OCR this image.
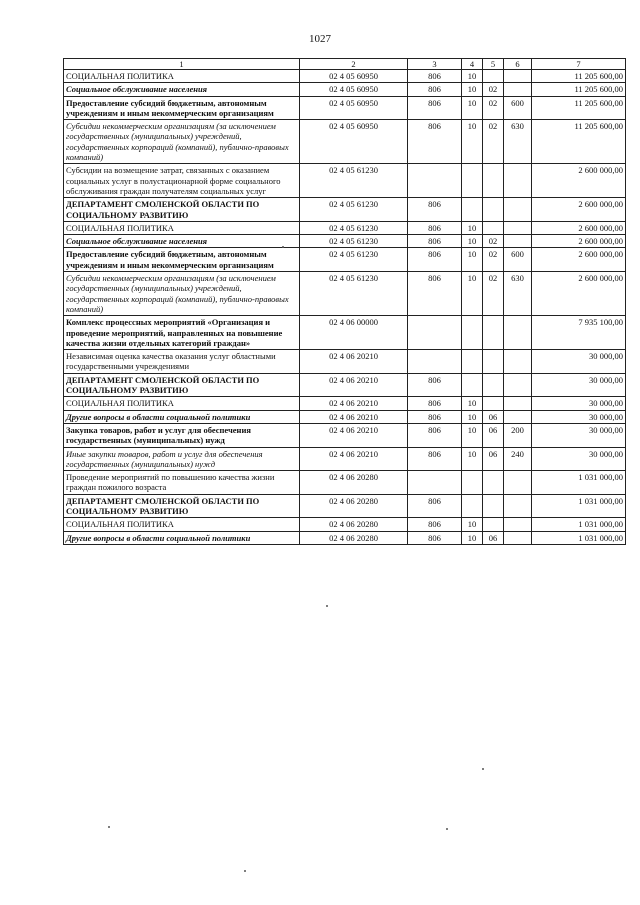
1027
1	2	3	4	5	6	7
СОЦИАЛЬНАЯ ПОЛИТИКА	02 4 05 60950	806	10			11 205 600,00
Социальное обслуживание населения	02 4 05 60950	806	10	02		11 205 600,00
Предоставление субсидий бюджетным, автономным учреждениям и иным некоммерческим организациям	02 4 05 60950	806	10	02	600	11 205 600,00
Субсидии некоммерческим организациям (за исключением государственных (муниципальных) учреждений, государственных корпораций (компаний), публично-правовых компаний)	02 4 05 60950	806	10	02	630	11 205 600,00
Субсидии на возмещение затрат, связанных с оказанием социальных услуг в полустационарной форме социального обслуживания граждан получателям социальных услуг	02 4 05 61230					2 600 000,00
ДЕПАРТАМЕНТ СМОЛЕНСКОЙ ОБЛАСТИ ПО СОЦИАЛЬНОМУ РАЗВИТИЮ	02 4 05 61230	806				2 600 000,00
СОЦИАЛЬНАЯ ПОЛИТИКА	02 4 05 61230	806	10			2 600 000,00
Социальное обслуживание населения	02 4 05 61230	806	10	02		2 600 000,00
Предоставление субсидий бюджетным, автономным учреждениям и иным некоммерческим организациям	02 4 05 61230	806	10	02	600	2 600 000,00
Субсидии некоммерческим организациям (за исключением государственных (муниципальных) учреждений, государственных корпораций (компаний), публично-правовых компаний)	02 4 05 61230	806	10	02	630	2 600 000,00
Комплекс процессных мероприятий «Организация и проведение мероприятий, направленных на повышение качества жизни отдельных категорий граждан»	02 4 06 00000					7 935 100,00
Независимая оценка качества оказания услуг областными государственными учреждениями	02 4 06 20210					30 000,00
ДЕПАРТАМЕНТ СМОЛЕНСКОЙ ОБЛАСТИ ПО СОЦИАЛЬНОМУ РАЗВИТИЮ	02 4 06 20210	806				30 000,00
СОЦИАЛЬНАЯ ПОЛИТИКА	02 4 06 20210	806	10			30 000,00
Другие вопросы в области социальной политики	02 4 06 20210	806	10	06		30 000,00
Закупка товаров, работ и услуг для обеспечения государственных (муниципальных) нужд	02 4 06 20210	806	10	06	200	30 000,00
Иные закупки товаров, работ и услуг для обеспечения государственных (муниципальных) нужд	02 4 06 20210	806	10	06	240	30 000,00
Проведение мероприятий по повышению качества жизни граждан пожилого возраста	02 4 06 20280					1 031 000,00
ДЕПАРТАМЕНТ СМОЛЕНСКОЙ ОБЛАСТИ ПО СОЦИАЛЬНОМУ РАЗВИТИЮ	02 4 06 20280	806				1 031 000,00
СОЦИАЛЬНАЯ ПОЛИТИКА	02 4 06 20280	806	10			1 031 000,00
Другие вопросы в области социальной политики	02 4 06 20280	806	10	06		1 031 000,00
